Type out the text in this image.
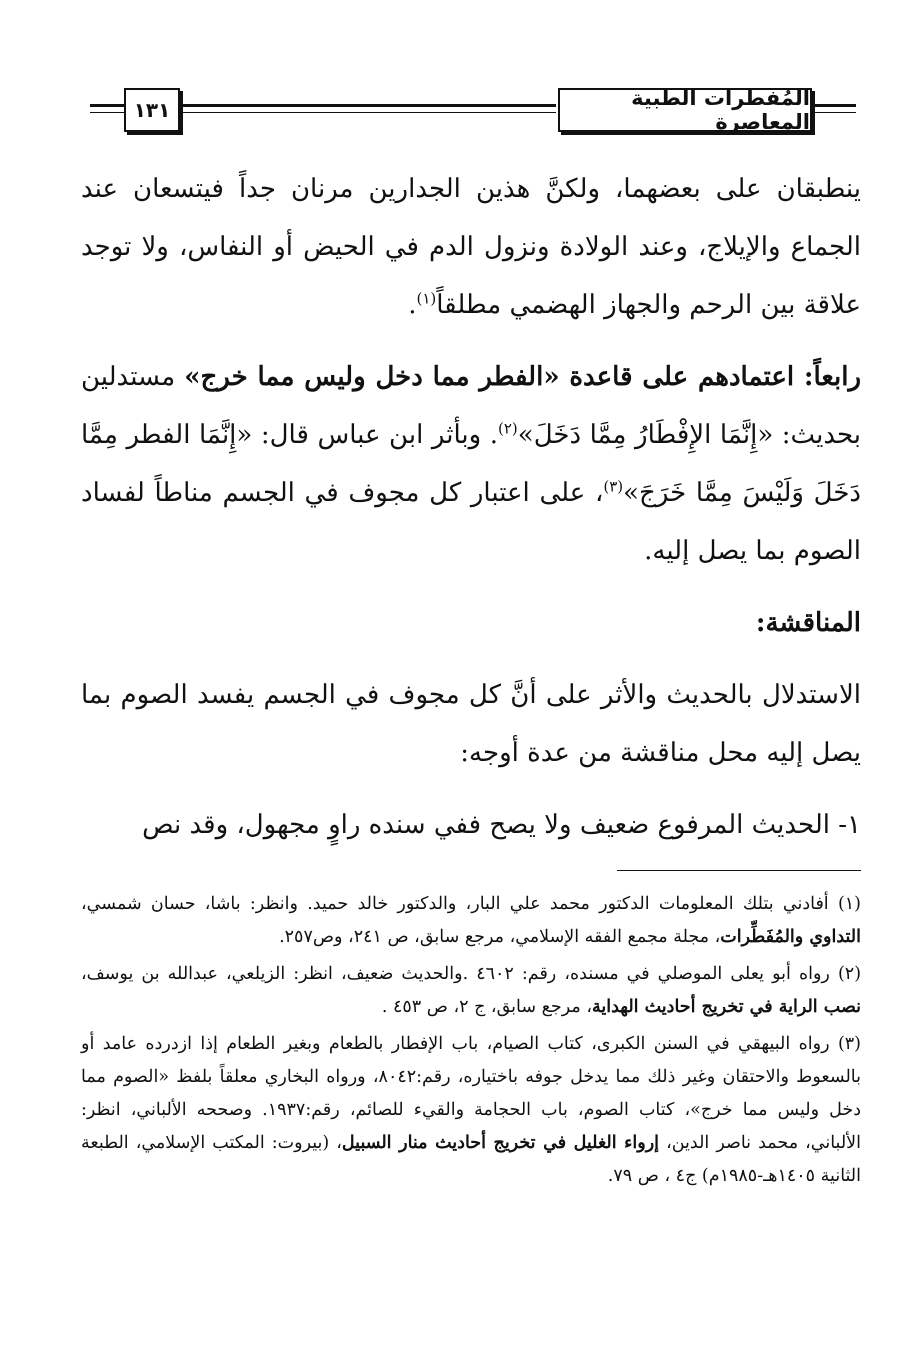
المُفطرات الطبية المعاصرة
١٣١

ينطبقان على بعضهما، ولكنَّ هذين الجدارين مرنان جداً فيتسعان عند الجماع والإيلاج، وعند الولادة ونزول الدم في الحيض أو النفاس، ولا توجد علاقة بين الرحم والجهاز الهضمي مطلقاً$^{(١)}$.

رابعاً: اعتمادهم على قاعدة «الفطر مما دخل وليس مما خرج» مستدلين بحديث: «إِنَّمَا الإِفْطَارُ مِمَّا دَخَلَ»$^{(٢)}$. وبأثر ابن عباس قال: «إِنَّمَا الفطر مِمَّا دَخَلَ وَلَيْسَ مِمَّا خَرَجَ»$^{(٣)}$، على اعتبار كل مجوف في الجسم مناطاً لفساد الصوم بما يصل إليه.

المناقشة:

الاستدلال بالحديث والأثر على أنَّ كل مجوف في الجسم يفسد الصوم بما يصل إليه محل مناقشة من عدة أوجه:

١- الحديث المرفوع ضعيف ولا يصح ففي سنده راوٍ مجهول، وقد نص

(١) أفادني بتلك المعلومات الدكتور محمد علي البار، والدكتور خالد حميد. وانظر: باشا، حسان شمسي، التداوي والمُفَطِّرات، مجلة مجمع الفقه الإسلامي، مرجع سابق، ص ٢٤١، وص٢٥٧.

(٢) رواه أبو يعلى الموصلي في مسنده، رقم: ٤٦٠٢ .والحديث ضعيف، انظر: الزيلعي، عبدالله بن يوسف، نصب الراية في تخريج أحاديث الهداية، مرجع سابق، ج ٢، ص ٤٥٣ .

(٣) رواه البيهقي في السنن الكبرى، كتاب الصيام، باب الإفطار بالطعام وبغير الطعام إذا ازدرده عامد أو بالسعوط والاحتقان وغير ذلك مما يدخل جوفه باختياره، رقم:٨٠٤٢، ورواه البخاري معلقاً بلفظ «الصوم مما دخل وليس مما خرج»، كتاب الصوم، باب الحجامة والقيء للصائم، رقم:١٩٣٧. وصححه الألباني، انظر: الألباني، محمد ناصر الدين، إرواء الغليل في تخريج أحاديث منار السبيل، (بيروت: المكتب الإسلامي، الطبعة الثانية ١٤٠٥هـ-١٩٨٥م) ج٤ ، ص ٧٩.
